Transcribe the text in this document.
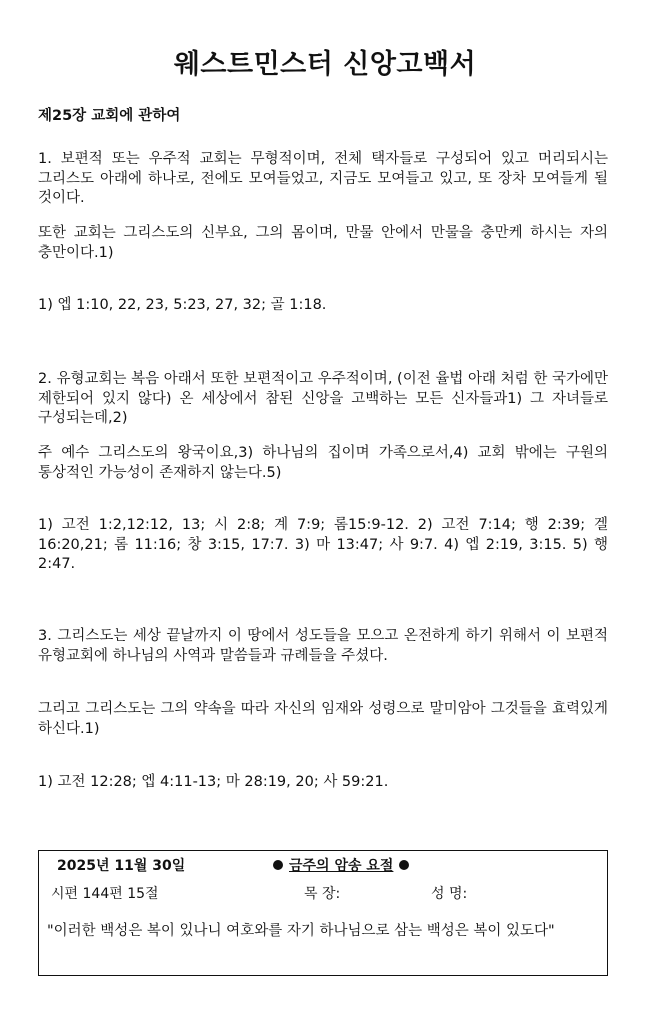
웨스트민스터 신앙고백서
제25장 교회에 관하여
1. 보편적 또는 우주적 교회는 무형적이며, 전체 택자들로 구성되어 있고 머리되시는 그리스도 아래에 하나로, 전에도 모여들었고, 지금도 모여들고 있고, 또 장차 모여들게 될 것이다.
또한 교회는 그리스도의 신부요, 그의 몸이며, 만물 안에서 만물을 충만케 하시는 자의 충만이다.1)
1) 엡 1:10, 22, 23, 5:23, 27, 32; 골 1:18.
2. 유형교회는 복음 아래서 또한 보편적이고 우주적이며, (이전 율법 아래 처럼 한 국가에만 제한되어 있지 않다) 온 세상에서 참된 신앙을 고백하는 모든 신자들과1) 그 자녀들로 구성되는데,2)
주 예수 그리스도의 왕국이요,3) 하나님의 집이며 가족으로서,4) 교회 밖에는 구원의 통상적인 가능성이 존재하지 않는다.5)
1) 고전 1:2,12:12, 13; 시 2:8; 계 7:9; 롬15:9-12. 2) 고전 7:14; 행 2:39; 겔 16:20,21; 롬 11:16; 창 3:15, 17:7. 3) 마 13:47; 사 9:7. 4) 엡 2:19, 3:15. 5) 행 2:47.
3. 그리스도는 세상 끝날까지 이 땅에서 성도들을 모으고 온전하게 하기 위해서 이 보편적 유형교회에 하나님의 사역과 말씀들과 규례들을 주셨다.
그리고 그리스도는 그의 약속을 따라 자신의 임재와 성령으로 말미암아 그것들을 효력있게 하신다.1)
1) 고전 12:28; 엡 4:11-13; 마 28:19, 20; 사 59:21.
2025년 11월 30일	금주의 암송 요절
시편 144편 15절	목 장:	성 명:
"이러한 백성은 복이 있나니 여호와를 자기 하나님으로 삼는 백성은 복이 있도다"
